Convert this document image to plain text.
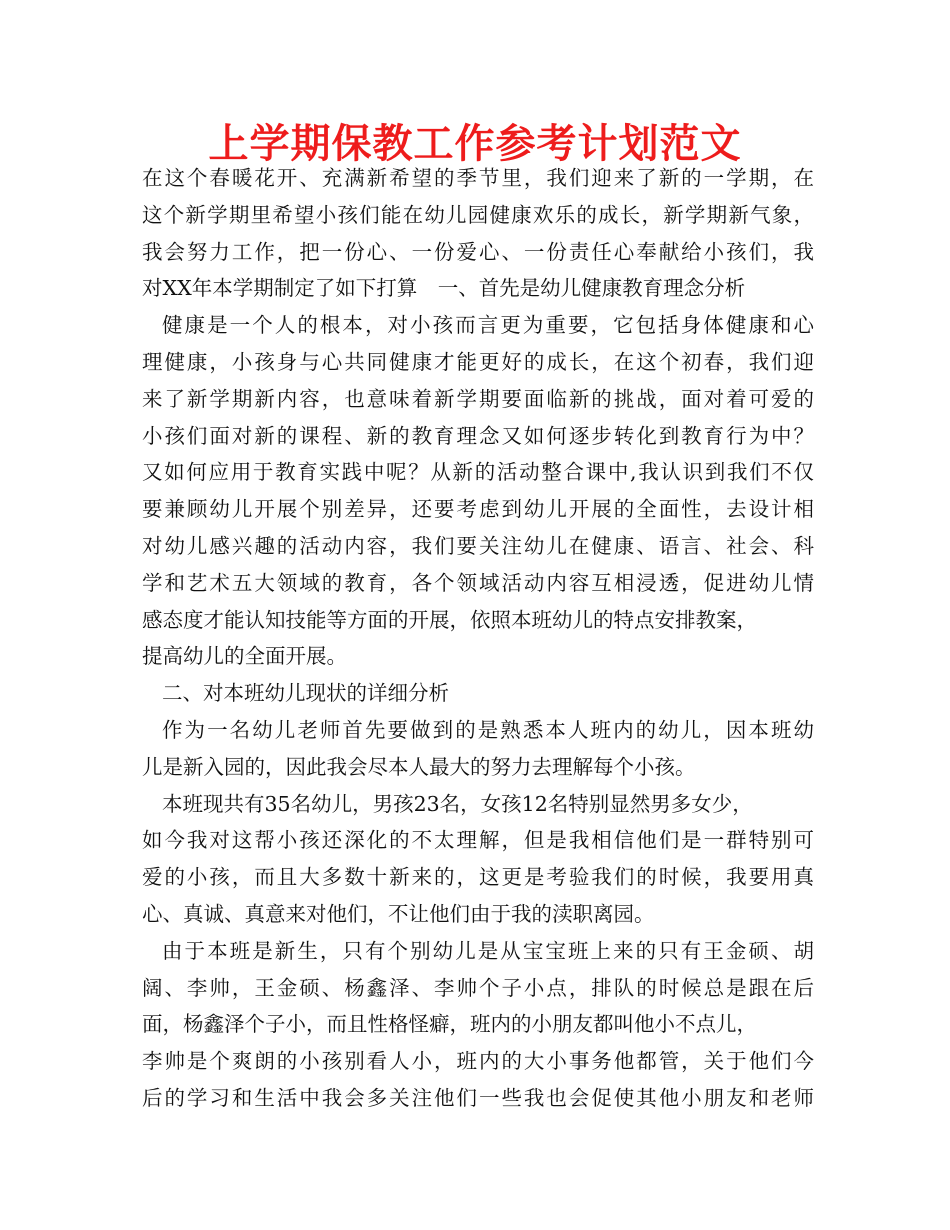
上学期保教工作参考计划范文
在这个春暖花开、充满新希望的季节里，我们迎来了新的一学期，在
这个新学期里希望小孩们能在幼儿园健康欢乐的成长，新学期新气象，
我会努力工作，把一份心、一份爱心、一份责任心奉献给小孩们，我
对XX年本学期制定了如下打算　一、首先是幼儿健康教育理念分析
健康是一个人的根本，对小孩而言更为重要，它包括身体健康和心
理健康，小孩身与心共同健康才能更好的成长，在这个初春，我们迎
来了新学期新内容，也意味着新学期要面临新的挑战，面对着可爱的
小孩们面对新的课程、新的教育理念又如何逐步转化到教育行为中？
又如何应用于教育实践中呢？从新的活动整合课中,我认识到我们不仅
要兼顾幼儿开展个别差异，还要考虑到幼儿开展的全面性，去设计相
对幼儿感兴趣的活动内容，我们要关注幼儿在健康、语言、社会、科
学和艺术五大领域的教育，各个领域活动内容互相浸透，促进幼儿情
感态度才能认知技能等方面的开展，依照本班幼儿的特点安排教案，
提高幼儿的全面开展。
二、对本班幼儿现状的详细分析
作为一名幼儿老师首先要做到的是熟悉本人班内的幼儿，因本班幼
儿是新入园的，因此我会尽本人最大的努力去理解每个小孩。
本班现共有35名幼儿，男孩23名，女孩12名特别显然男多女少，
如今我对这帮小孩还深化的不太理解，但是我相信他们是一群特别可
爱的小孩，而且大多数十新来的，这更是考验我们的时候，我要用真
心、真诚、真意来对他们，不让他们由于我的渎职离园。
由于本班是新生，只有个别幼儿是从宝宝班上来的只有王金硕、胡
阔、李帅，王金硕、杨鑫泽、李帅个子小点，排队的时候总是跟在后
面，杨鑫泽个子小，而且性格怪癖，班内的小朋友都叫他小不点儿，
李帅是个爽朗的小孩别看人小，班内的大小事务他都管，关于他们今
后的学习和生活中我会多关注他们一些我也会促使其他小朋友和老师
